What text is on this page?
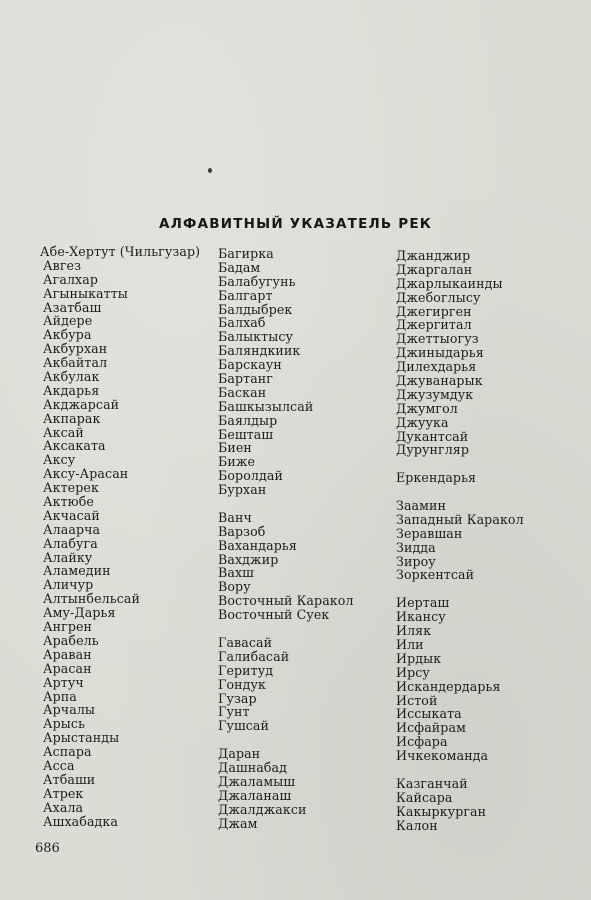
АЛФАВИТНЫЙ УКАЗАТЕЛЬ РЕК
Абе-Хертут (Чильгузар)
Авгез
Агалхар
Агыныкатты
Азатбаш
Айдере
Акбура
Акбурхан
Акбайтал
Акбулак
Акдарья
Акджарсай
Акпарак
Аксай
Аксаката
Аксу
Аксу-Арасан
Актерек
Актюбе
Акчасай
Алаарча
Алабуга
Алайку
Аламедин
Аличур
Алтынбельсай
Аму-Дарья
Ангрен
Арабель
Араван
Арасан
Артуч
Арпа
Арчалы
Арысь
Арыстанды
Аспара
Асса
Атбаши
Атрек
Ахала
Ашхабадка
Багирка
Бадам
Балабугунь
Балгарт
Балдыбрек
Балхаб
Балыктысу
Баляндкиик
Барскаун
Бартанг
Баскан
Башкызылсай
Баялдыр
Бешташ
Биен
Биже
Боролдай
Бурхан
Ванч
Варзоб
Вахандарья
Ваxджир
Вахш
Вору
Восточный Каракол
Восточный Суек
Гавасай
Галибасай
Геритуд
Гондук
Гузар
Гунт
Гушсай
Даран
Дашнабад
Джаламыш
Джаланаш
Джалджакси
Джам
Джанджир
Джаргалан
Джарлыкаинды
Джебоглысу
Джегирген
Джергитал
Джеттыогуз
Джиныдарья
Дилехдарья
Джуванарык
Джузумдук
Джумгол
Джуука
Дукантсай
Дурунгляр
Еркендарья
Заамин
Западный Каракол
Зеравшан
Зидда
Зироу
Зоркентсай
Иерташ
Икансу
Иляк
Или
Ирдык
Ирсу
Искандердарья
Истой
Иссыката
Исфайрам
Исфара
Ичкекоманда
Казганчай
Кайсара
Какыркурган
Калон
686
